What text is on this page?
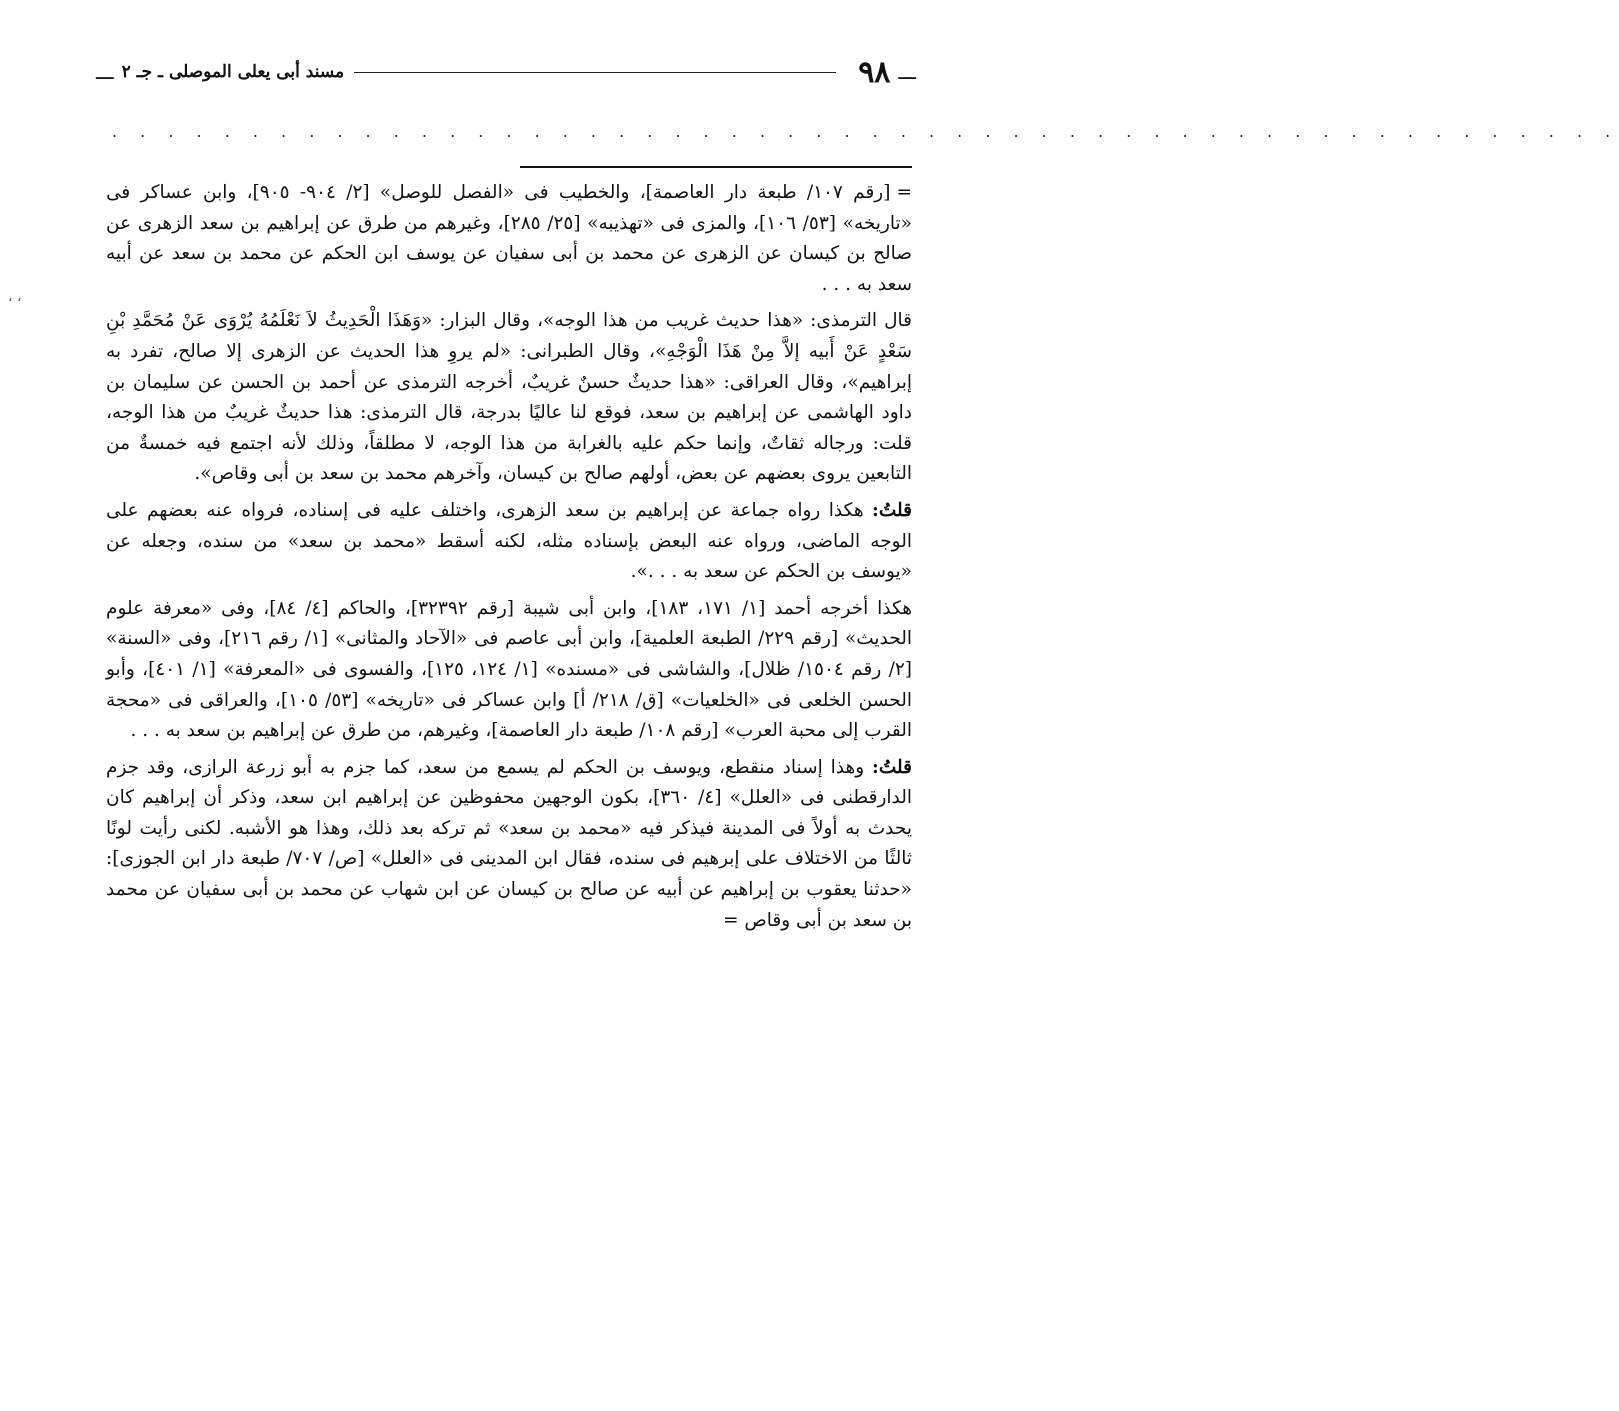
ـــ
٩٨
مسند أبى يعلى الموصلى ـ جـ ٢
ـــ
. . . . . . . . . . . . . . . . . . . . . . . . . . . . . . . . . . . . . . . . . . . . . . . . . . . . . .
، ،

=
[رقم ١٠٧/ طبعة دار العاصمة]، والخطيب فى «الفصل للوصل» [٢/ ٩٠٤- ٩٠٥]، وابن عساكر فى «تاريخه» [٥٣/ ١٠٦]، والمزى فى «تهذيبه» [٢٥/ ٢٨٥]، وغيرهم من طرق عن إبراهيم بن سعد الزهرى عن صالح بن كيسان عن الزهرى عن محمد بن أبى سفيان عن يوسف ابن الحكم عن محمد بن سعد عن أبيه سعد به . . .

قال الترمذى: «هذا حديث غريب من هذا الوجه»، وقال البزار: «وَهَذَا الْحَدِيثُ لاَ نَعْلَمُهُ يُرْوَى عَنْ مُحَمَّدِ بْنِ سَعْدٍ عَنْ أَبيه إلاَّ مِنْ هَذَا الْوَجْهِ»، وقال الطبرانى: «لم يروِ هذا الحديث عن الزهرى إلا صالح، تفرد به إبراهيم»، وقال العراقى: «هذا حديثٌ حسنٌ غريبٌ، أخرجه الترمذى عن أحمد بن الحسن عن سليمان بن داود الهاشمى عن إبراهيم بن سعد، فوقع لنا عاليًا بدرجة، قال الترمذى: هذا حديثٌ غريبٌ من هذا الوجه، قلت: ورجاله ثقاتٌ، وإنما حكم عليه بالغرابة من هذا الوجه، لا مطلقاً، وذلك لأنه اجتمع فيه خمسةٌ من التابعين يروى بعضهم عن بعض، أولهم صالح بن كيسان، وآخرهم محمد بن سعد بن أبى وقاص».

قلتُ: هكذا رواه جماعة عن إبراهيم بن سعد الزهرى، واختلف عليه فى إسناده، فرواه عنه بعضهم على الوجه الماضى، ورواه عنه البعض بإسناده مثله، لكنه أسقط «محمد بن سعد» من سنده، وجعله عن «يوسف بن الحكم عن سعد به . . .».

هكذا أخرجه أحمد [١/ ١٧١، ١٨٣]، وابن أبى شيبة [رقم ٣٢٣٩٢]، والحاكم [٤/ ٨٤]، وفى «معرفة علوم الحديث» [رقم ٢٢٩/ الطبعة العلمية]، وابن أبى عاصم فى «الآحاد والمثانى» [١/ رقم ٢١٦]، وفى «السنة» [٢/ رقم ١٥٠٤/ ظلال]، والشاشى فى «مسنده» [١/ ١٢٤، ١٢٥]، والفسوى فى «المعرفة» [١/ ٤٠١]، وأبو الحسن الخلعى فى «الخلعيات» [ق/ ٢١٨/ أ] وابن عساكر فى «تاريخه» [٥٣/ ١٠٥]، والعراقى فى «محجة القرب إلى محبة العرب» [رقم ١٠٨/ طبعة دار العاصمة]، وغيرهم، من طرق عن إبراهيم بن سعد به . . .

قلتُ: وهذا إسناد منقطع، ويوسف بن الحكم لم يسمع من سعد، كما جزم به أبو زرعة الرازى، وقد جزم الدارقطنى فى «العلل» [٤/ ٣٦٠]، بكون الوجهين محفوظين عن إبراهيم ابن سعد، وذكر أن إبراهيم كان يحدث به أولاً فى المدينة فيذكر فيه «محمد بن سعد» ثم تركه بعد ذلك، وهذا هو الأشبه. لكنى رأيت لونًا ثالثًا من الاختلاف على إبرهيم فى سنده، فقال ابن المدينى فى «العلل» [ص/ ٧٠٧/ طبعة دار ابن الجوزى]: «حدثنا يعقوب بن إبراهيم عن أبيه عن صالح بن كيسان عن ابن شهاب عن محمد بن أبى سفيان عن محمد بن سعد بن أبى وقاص =
